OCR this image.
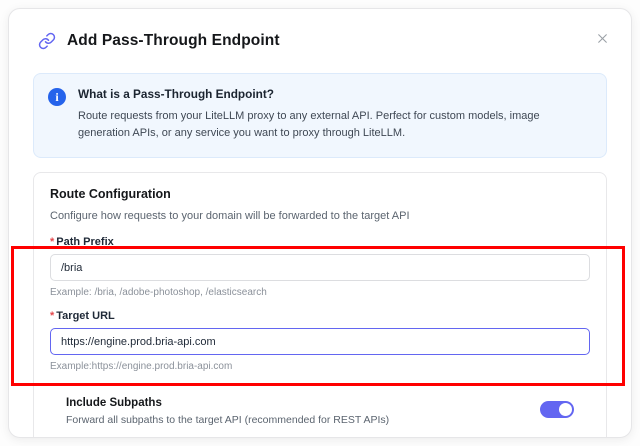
Add Pass-Through Endpoint
i	What is a Pass-Through Endpoint?
Route requests from your LiteLLM proxy to any external API. Perfect for custom models, image generation APIs, or any service you want to proxy through LiteLLM.
Route Configuration
Configure how requests to your domain will be forwarded to the target API
* Path Prefix
/bria
Example: /bria, /adobe-photoshop, /elasticsearch
* Target URL
https://engine.prod.bria-api.com
Example:https://engine.prod.bria-api.com
Include Subpaths
Forward all subpaths to the target API (recommended for REST APIs)
